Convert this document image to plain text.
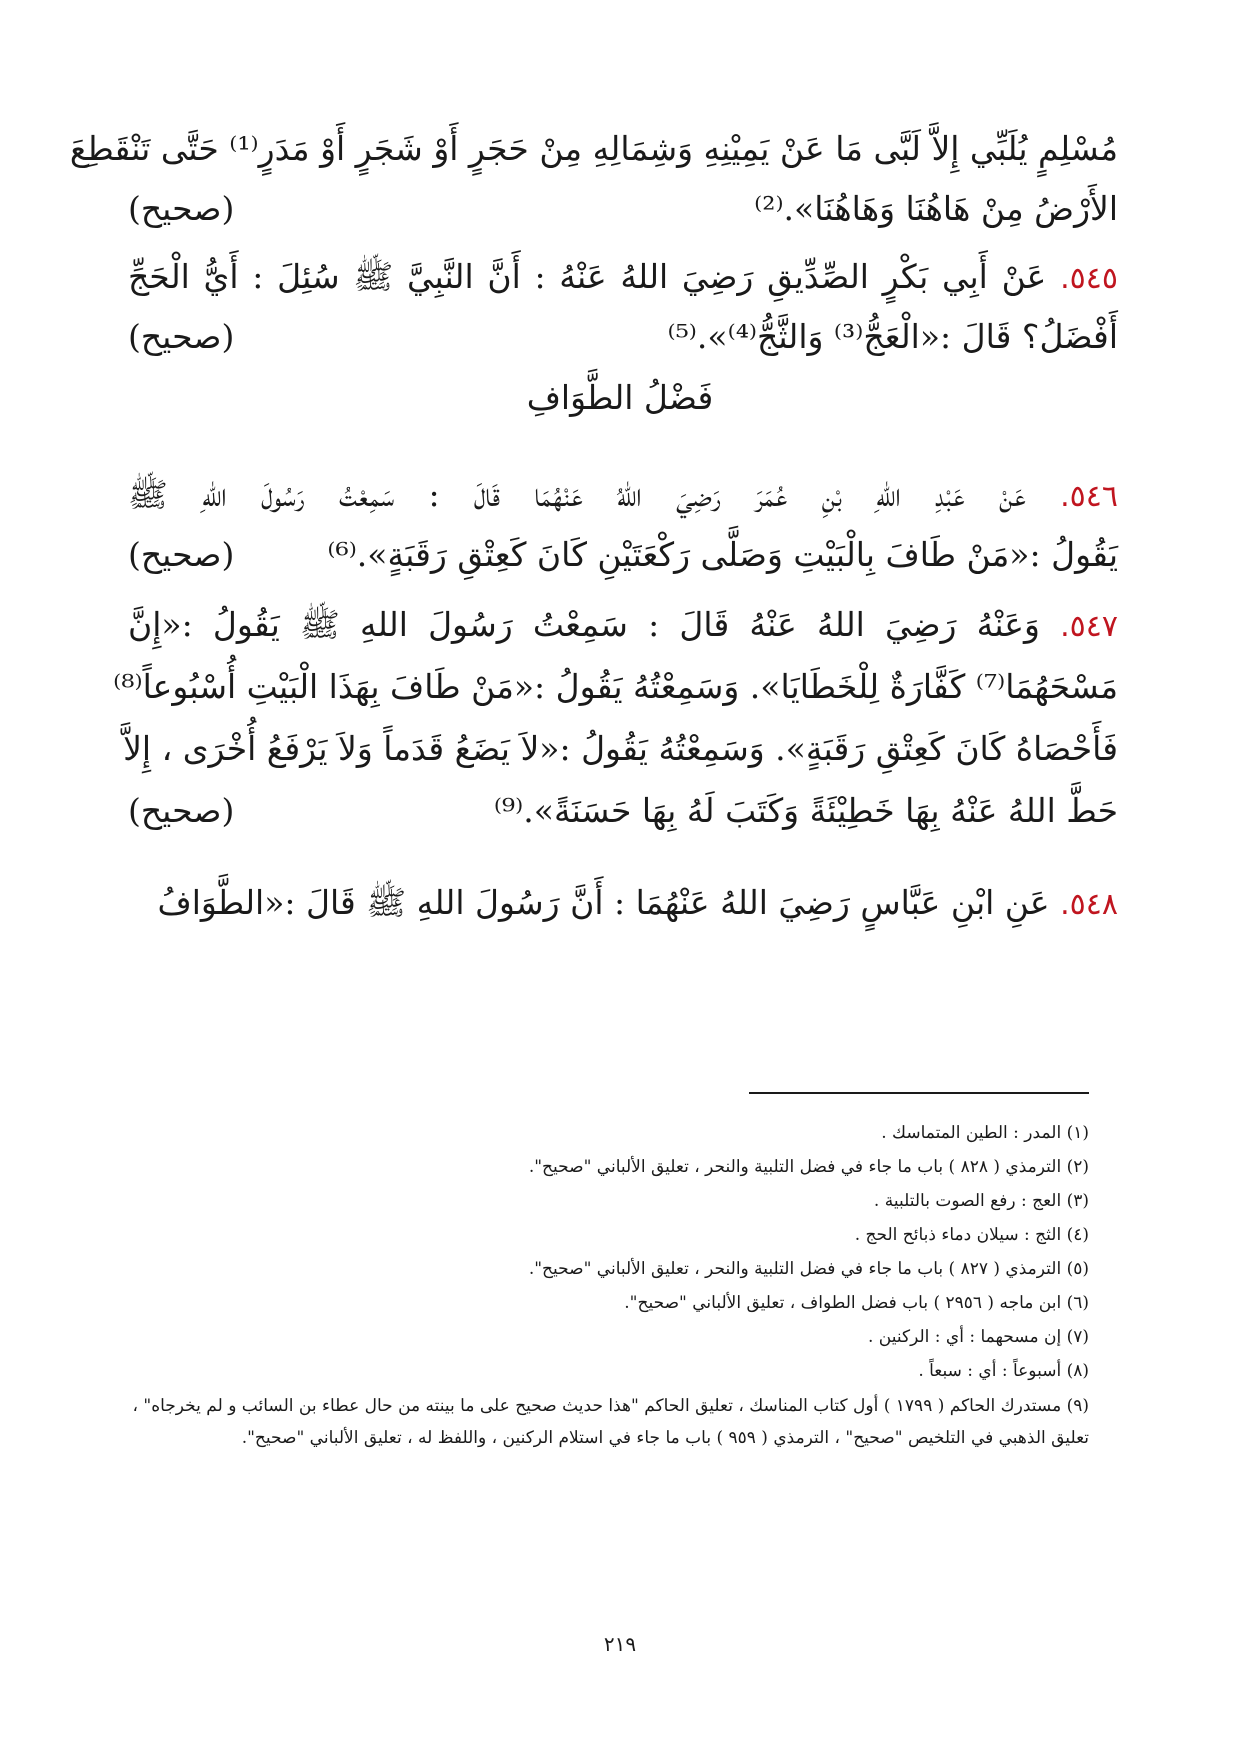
مُسْلِمٍ يُلَبِّي إِلاَّ لَبَّى مَا عَنْ يَمِيْنِهِ وَشِمَالِهِ مِنْ حَجَرٍ أَوْ شَجَرٍ أَوْ مَدَرٍ⁽¹⁾ حَتَّى تَنْقَطِعَ
الأَرْضُ مِنْ هَاهُنَا وَهَاهُنَا».⁽²⁾
(صحيح)
٥٤٥. عَنْ أَبِي بَكْرٍ الصِّدِّيقِ رَضِيَ اللهُ عَنْهُ : أَنَّ النَّبِيَّ ﷺ سُئِلَ : أَيُّ الْحَجِّ
أَفْضَلُ؟ قَالَ :«الْعَجُّ⁽³⁾ وَالثَّجُّ⁽⁴⁾».⁽⁵⁾
(صحيح)
فَضْلُ الطَّوَافِ
٥٤٦. عَنْ عَبْدِ اللهِ بْنِ عُمَرَ رَضِيَ اللهُ عَنْهُمَا قَالَ : سَمِعْتُ رَسُولَ اللهِ ﷺ
يَقُولُ :«مَنْ طَافَ بِالْبَيْتِ وَصَلَّى رَكْعَتَيْنِ كَانَ كَعِتْقِ رَقَبَةٍ».⁽⁶⁾
(صحيح)
٥٤٧. وَعَنْهُ رَضِيَ اللهُ عَنْهُ قَالَ : سَمِعْتُ رَسُولَ اللهِ ﷺ يَقُولُ :«إِنَّ
مَسْحَهُمَا⁽⁷⁾ كَفَّارَةٌ لِلْخَطَايَا». وَسَمِعْتُهُ يَقُولُ :«مَنْ طَافَ بِهَذَا الْبَيْتِ أُسْبُوعاً⁽⁸⁾
فَأَحْصَاهُ كَانَ كَعِتْقِ رَقَبَةٍ». وَسَمِعْتُهُ يَقُولُ :«لاَ يَضَعُ قَدَماً وَلاَ يَرْفَعُ أُخْرَى ، إِلاَّ
حَطَّ اللهُ عَنْهُ بِهَا خَطِيْئَةً وَكَتَبَ لَهُ بِهَا حَسَنَةً».⁽⁹⁾
(صحيح)
٥٤٨. عَنِ ابْنِ عَبَّاسٍ رَضِيَ اللهُ عَنْهُمَا : أَنَّ رَسُولَ اللهِ ﷺ قَالَ :«الطَّوَافُ
(١) المدر : الطين المتماسك .
(٢) الترمذي ( ٨٢٨ ) باب ما جاء في فضل التلبية والنحر ، تعليق الألباني "صحيح".
(٣) العج : رفع الصوت بالتلبية .
(٤) الثج : سيلان دماء ذبائح الحج .
(٥) الترمذي ( ٨٢٧ ) باب ما جاء في فضل التلبية والنحر ، تعليق الألباني "صحيح".
(٦) ابن ماجه ( ٢٩٥٦ ) باب فضل الطواف ، تعليق الألباني "صحيح".
(٧) إن مسحهما : أي : الركنين .
(٨) أسبوعاً : أي : سبعاً .
(٩) مستدرك الحاكم ( ١٧٩٩ ) أول كتاب المناسك ، تعليق الحاكم "هذا حديث صحيح على ما بينته من حال عطاء بن السائب و لم يخرجاه" ، تعليق الذهبي في التلخيص "صحيح" ، الترمذي ( ٩٥٩ ) باب ما جاء في استلام الركنين ، واللفظ له ، تعليق الألباني "صحيح".
٢١٩
